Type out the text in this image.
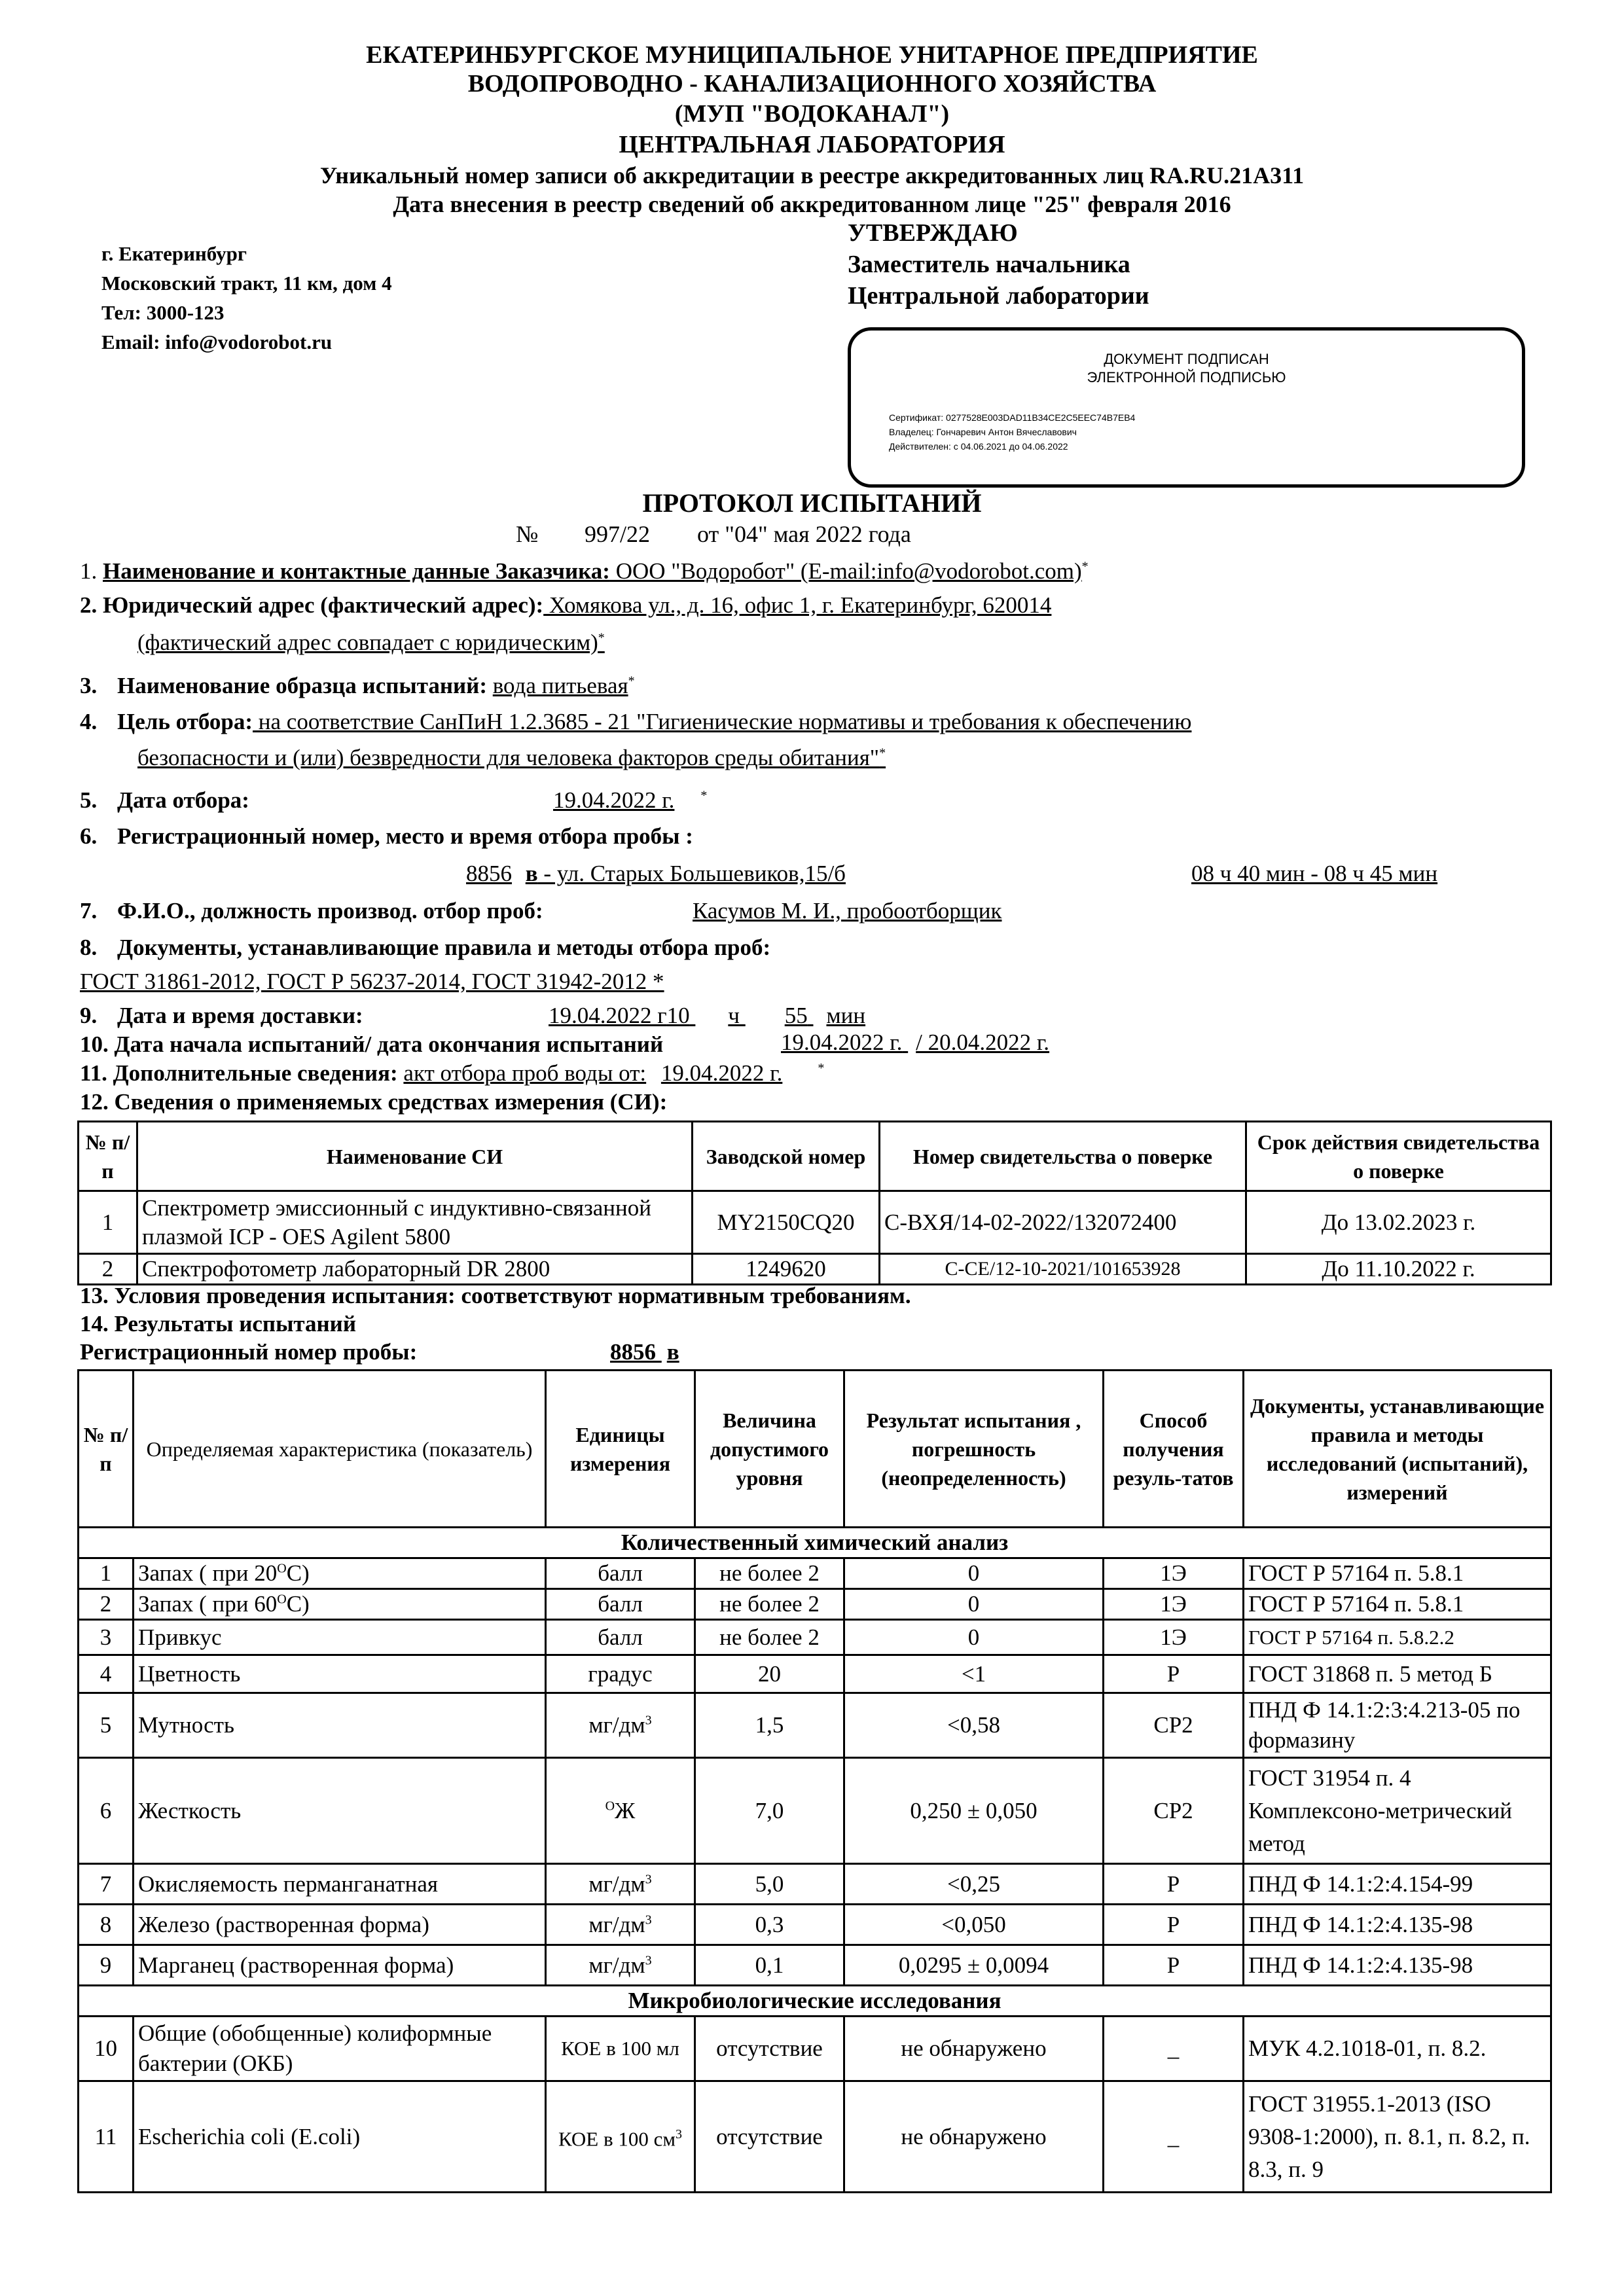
ЕКАТЕРИНБУРГСКОЕ МУНИЦИПАЛЬНОЕ УНИТАРНОЕ ПРЕДПРИЯТИЕ
ВОДОПРОВОДНО - КАНАЛИЗАЦИОННОГО ХОЗЯЙСТВА
(МУП "ВОДОКАНАЛ")
ЦЕНТРАЛЬНАЯ ЛАБОРАТОРИЯ
Уникальный номер записи об аккредитации в реестре аккредитованных лиц RA.RU.21А311
Дата внесения в реестр сведений об аккредитованном лице "25" февраля 2016
г. Екатеринбург
Московский тракт, 11 км, дом 4
Тел: 3000-123
Email: info@vodorobot.ru
УТВЕРЖДАЮ
Заместитель начальника
Центральной лаборатории
ДОКУМЕНТ ПОДПИСАН
ЭЛЕКТРОННОЙ ПОДПИСЬЮ
Сертификат: 0277528E003DAD11B34CE2C5EEC74B7EB4
Владелец: Гончаревич Антон Вячеславович
Действителен: с 04.06.2021 до 04.06.2022
ПРОТОКОЛ ИСПЫТАНИЙ
№ 997/22 от "04" мая 2022 года
1. Наименование и контактные данные Заказчика: ООО "Водоробот" (E-mail:info@vodorobot.com)*
2. Юридический адрес (фактический адрес): Хомякова ул., д. 16, офис 1, г. Екатеринбург, 620014
(фактический адрес совпадает с юридическим)*
3. Наименование образца испытаний: вода питьевая*
4. Цель отбора: на соответствие СанПиН 1.2.3685 - 21 "Гигиенические нормативы и требования к обеспечению
безопасности и (или) безвредности для человека факторов среды обитания"*
5. Дата отбора:	19.04.2022 г. *
6. Регистрационный номер, место и время отбора пробы :
8856 в - ул. Старых Большевиков,15/б	08 ч 40 мин - 08 ч 45 мин
7. Ф.И.О., должность производ. отбор проб:	Касумов М. И., пробоотборщик
8. Документы, устанавливающие правила и методы отбора проб:
ГОСТ 31861-2012, ГОСТ Р 56237-2014, ГОСТ 31942-2012 *
9. Дата и время доставки:	19.04.2022 г10 ч 55 мин
10. Дата начала испытаний/ дата окончания испытаний	19.04.2022 г. / 20.04.2022 г.
11. Дополнительные сведения: акт отбора проб воды от: 19.04.2022 г.	*
12. Сведения о применяемых средствах измерения (СИ):
№ п/п	Наименование СИ	Заводской номер	Номер свидетельства о поверке	Срок действия свидетельства о поверке
1	Спектрометр эмиссионный с индуктивно-связанной плазмой ICP - OES Agilent 5800	MY2150CQ20	С-ВХЯ/14-02-2022/132072400	До 13.02.2023 г.
2	Спектрофотометр лабораторный DR 2800	1249620	С-СЕ/12-10-2021/101653928	До 11.10.2022 г.
13. Условия проведения испытания: соответствуют нормативным требованиям.
14. Результаты испытаний
Регистрационный номер пробы:	8856 в
№ п/п	Определяемая характеристика (показатель)	Единицы измерения	Величина допустимого уровня	Результат испытания , погрешность (неопределенность)	Способ получения резуль-татов	Документы, устанавливающие правила и методы исследований (испытаний), измерений
Количественный химический анализ						
1	Запах ( при $20^OС$)	балл	не более 2	0	1Э	ГОСТ Р 57164 п. 5.8.1
2	Запах ( при $60^OС$)	балл	не более 2	0	1Э	ГОСТ Р 57164 п. 5.8.1
3	Привкус	балл	не более 2	0	1Э	ГОСТ Р 57164 п. 5.8.2.2
4	Цветность	градус	20	<1	Р	ГОСТ 31868 п. 5 метод Б
5	Мутность	$мг/дм^3$	1,5	<0,58	СР2	ПНД Ф 14.1:2:3:4.213-05 по формазину
6	Жесткость	$^O$Ж	7,0	0,250 ± 0,050	СР2	ГОСТ 31954 п. 4 Комплексоно-метрический метод
7	Окисляемость перманганатная	$мг/дм^3$	5,0	<0,25	Р	ПНД Ф 14.1:2:4.154-99
8	Железо (растворенная форма)	$мг/дм^3$	0,3	<0,050	Р	ПНД Ф 14.1:2:4.135-98
9	Марганец (растворенная форма)	$мг/дм^3$	0,1	0,0295 ± 0,0094	Р	ПНД Ф 14.1:2:4.135-98
Микробиологические исследования						
10	Общие (обобщенные) колиформные бактерии (ОКБ)	КОЕ в 100 мл	отсутствие	не обнаружено	_	МУК 4.2.1018-01, п. 8.2.
11	Escherichia coli (E.coli)	КОЕ в 100 $см^3$	отсутствие	не обнаружено	_	ГОСТ 31955.1-2013 (ISO 9308-1:2000), п. 8.1, п. 8.2, п. 8.3, п. 9
